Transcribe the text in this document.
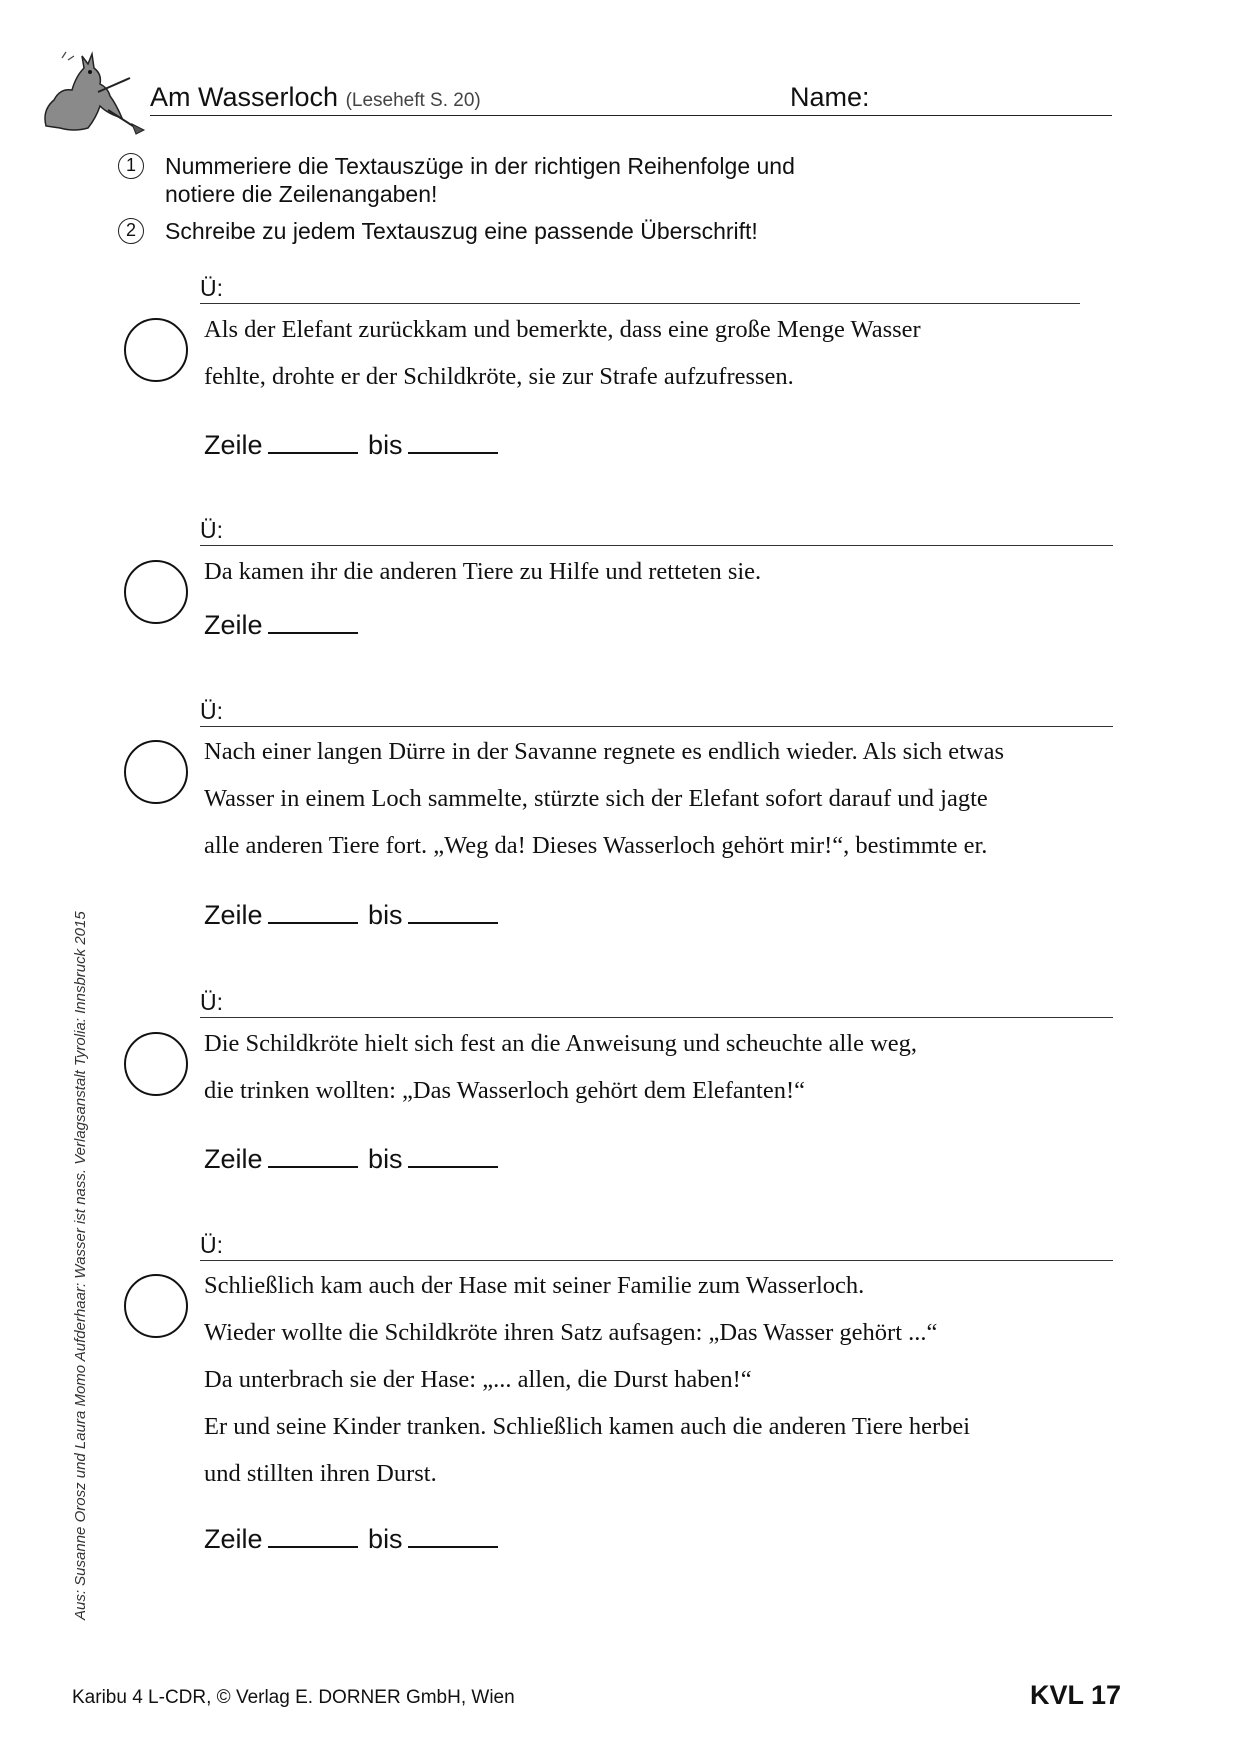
Am Wasserloch (Leseheft S. 20)	Name:
1	Nummeriere die Textauszüge in der richtigen Reihenfolge und
notiere die Zeilenangaben!
2	Schreibe zu jedem Textauszug eine passende Überschrift!
Ü:
Als der Elefant zurückkam und bemerkte, dass eine große Menge Wasser
fehlte, drohte er der Schildkröte, sie zur Strafe aufzufressen.
Zeile	bis
Ü:
Da kamen ihr die anderen Tiere zu Hilfe und retteten sie.
Zeile
Ü:
Nach einer langen Dürre in der Savanne regnete es endlich wieder. Als sich etwas
Wasser in einem Loch sammelte, stürzte sich der Elefant sofort darauf und jagte
alle anderen Tiere fort. „Weg da! Dieses Wasserloch gehört mir!“, bestimmte er.
Zeile	bis
Ü:
Die Schildkröte hielt sich fest an die Anweisung und scheuchte alle weg,
die trinken wollten: „Das Wasserloch gehört dem Elefanten!“
Zeile	bis
Ü:
Schließlich kam auch der Hase mit seiner Familie zum Wasserloch.
Wieder wollte die Schildkröte ihren Satz aufsagen: „Das Wasser gehört ...“
Da unterbrach sie der Hase: „... allen, die Durst haben!“
Er und seine Kinder tranken. Schließlich kamen auch die anderen Tiere herbei
und stillten ihren Durst.
Zeile	bis
Aus: Susanne Orosz und Laura Momo Aufderhaar: Wasser ist nass. Verlagsanstalt Tyrolia: Innsbruck 2015
Karibu 4 L-CDR, © Verlag E. DORNER GmbH, Wien	KVL 17
